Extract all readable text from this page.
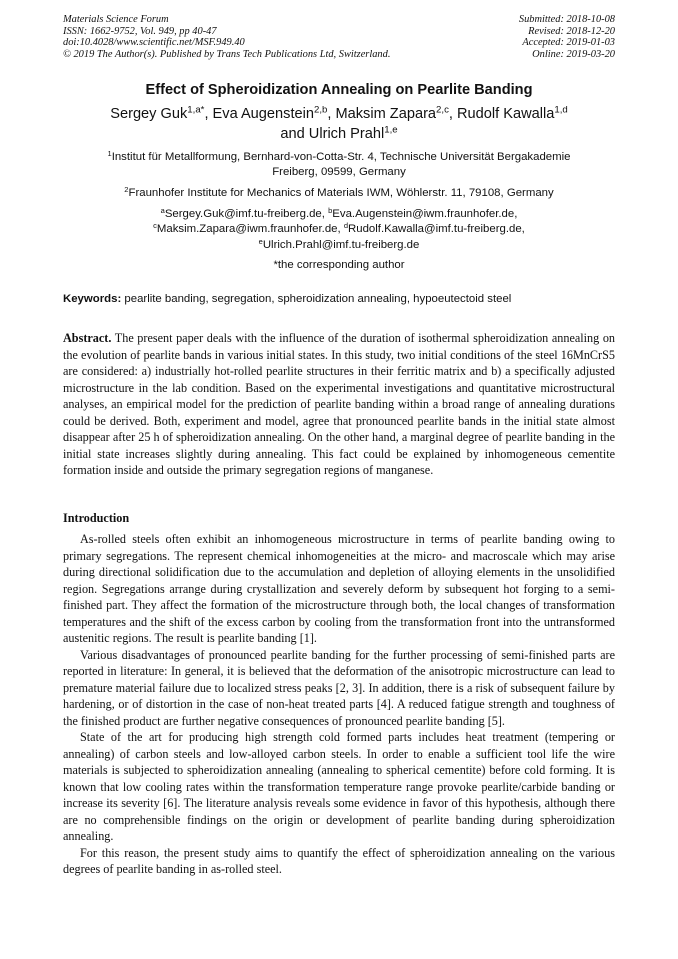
Materials Science Forum
ISSN: 1662-9752, Vol. 949, pp 40-47
doi:10.4028/www.scientific.net/MSF.949.40
© 2019 The Author(s). Published by Trans Tech Publications Ltd, Switzerland.
Submitted: 2018-10-08
Revised: 2018-12-20
Accepted: 2019-01-03
Online: 2019-03-20
Effect of Spheroidization Annealing on Pearlite Banding
Sergey Guk$^{1,a*}$, Eva Augenstein$^{2,b}$, Maksim Zapara$^{2,c}$, Rudolf Kawalla$^{1,d}$
and Ulrich Prahl$^{1,e}$
$^1$Institut für Metallformung, Bernhard-von-Cotta-Str. 4, Technische Universität Bergakademie
Freiberg, 09599, Germany
$^2$Fraunhofer Institute for Mechanics of Materials IWM, Wöhlerstr. 11, 79108, Germany
$^a$Sergey.Guk@imf.tu-freiberg.de, $^b$Eva.Augenstein@iwm.fraunhofer.de,
$^c$Maksim.Zapara@iwm.fraunhofer.de, $^d$Rudolf.Kawalla@imf.tu-freiberg.de,
$^e$Ulrich.Prahl@imf.tu-freiberg.de
*the corresponding author
Keywords: pearlite banding, segregation, spheroidization annealing, hypoeutectoid steel
Abstract. The present paper deals with the influence of the duration of isothermal spheroidization annealing on the evolution of pearlite bands in various initial states. In this study, two initial conditions of the steel 16MnCrS5 are considered: a) industrially hot-rolled pearlite structures in their ferritic matrix and b) a specifically adjusted microstructure in the lab condition. Based on the experimental investigations and quantitative microstructural analyses, an empirical model for the prediction of pearlite banding within a broad range of annealing durations could be derived. Both, experiment and model, agree that pronounced pearlite bands in the initial state almost disappear after 25 h of spheroidization annealing. On the other hand, a marginal degree of pearlite banding in the initial state increases slightly during annealing. This fact could be explained by inhomogeneous cementite formation inside and outside the primary segregation regions of manganese.
Introduction

As-rolled steels often exhibit an inhomogeneous microstructure in terms of pearlite banding owing to primary segregations. The represent chemical inhomogeneities at the micro- and macroscale which may arise during directional solidification due to the accumulation and depletion of alloying elements in the unsolidified region. Segregations arrange during crystallization and severely deform by subsequent hot forging to a semi-finished part. They affect the formation of the microstructure through both, the local changes of transformation temperatures and the shift of the excess carbon by cooling from the transformation front into the untransformed austenitic regions. The result is pearlite banding [1].

Various disadvantages of pronounced pearlite banding for the further processing of semi-finished parts are reported in literature: In general, it is believed that the deformation of the anisotropic microstructure can lead to premature material failure due to localized stress peaks [2, 3]. In addition, there is a risk of subsequent failure by hardening, or of distortion in the case of non-heat treated parts [4]. A reduced fatigue strength and toughness of the finished product are further negative consequences of pronounced pearlite banding [5].

State of the art for producing high strength cold formed parts includes heat treatment (tempering or annealing) of carbon steels and low-alloyed carbon steels. In order to enable a sufficient tool life the wire materials is subjected to spheroidization annealing (annealing to spherical cementite) before cold forming. It is known that low cooling rates within the transformation temperature range provoke pearlite/carbide banding or increase its severity [6]. The literature analysis reveals some evidence in favor of this hypothesis, although there are no comprehensible findings on the origin or development of pearlite banding during spheroidization annealing.

For this reason, the present study aims to quantify the effect of spheroidization annealing on the various degrees of pearlite banding in as-rolled steel.
